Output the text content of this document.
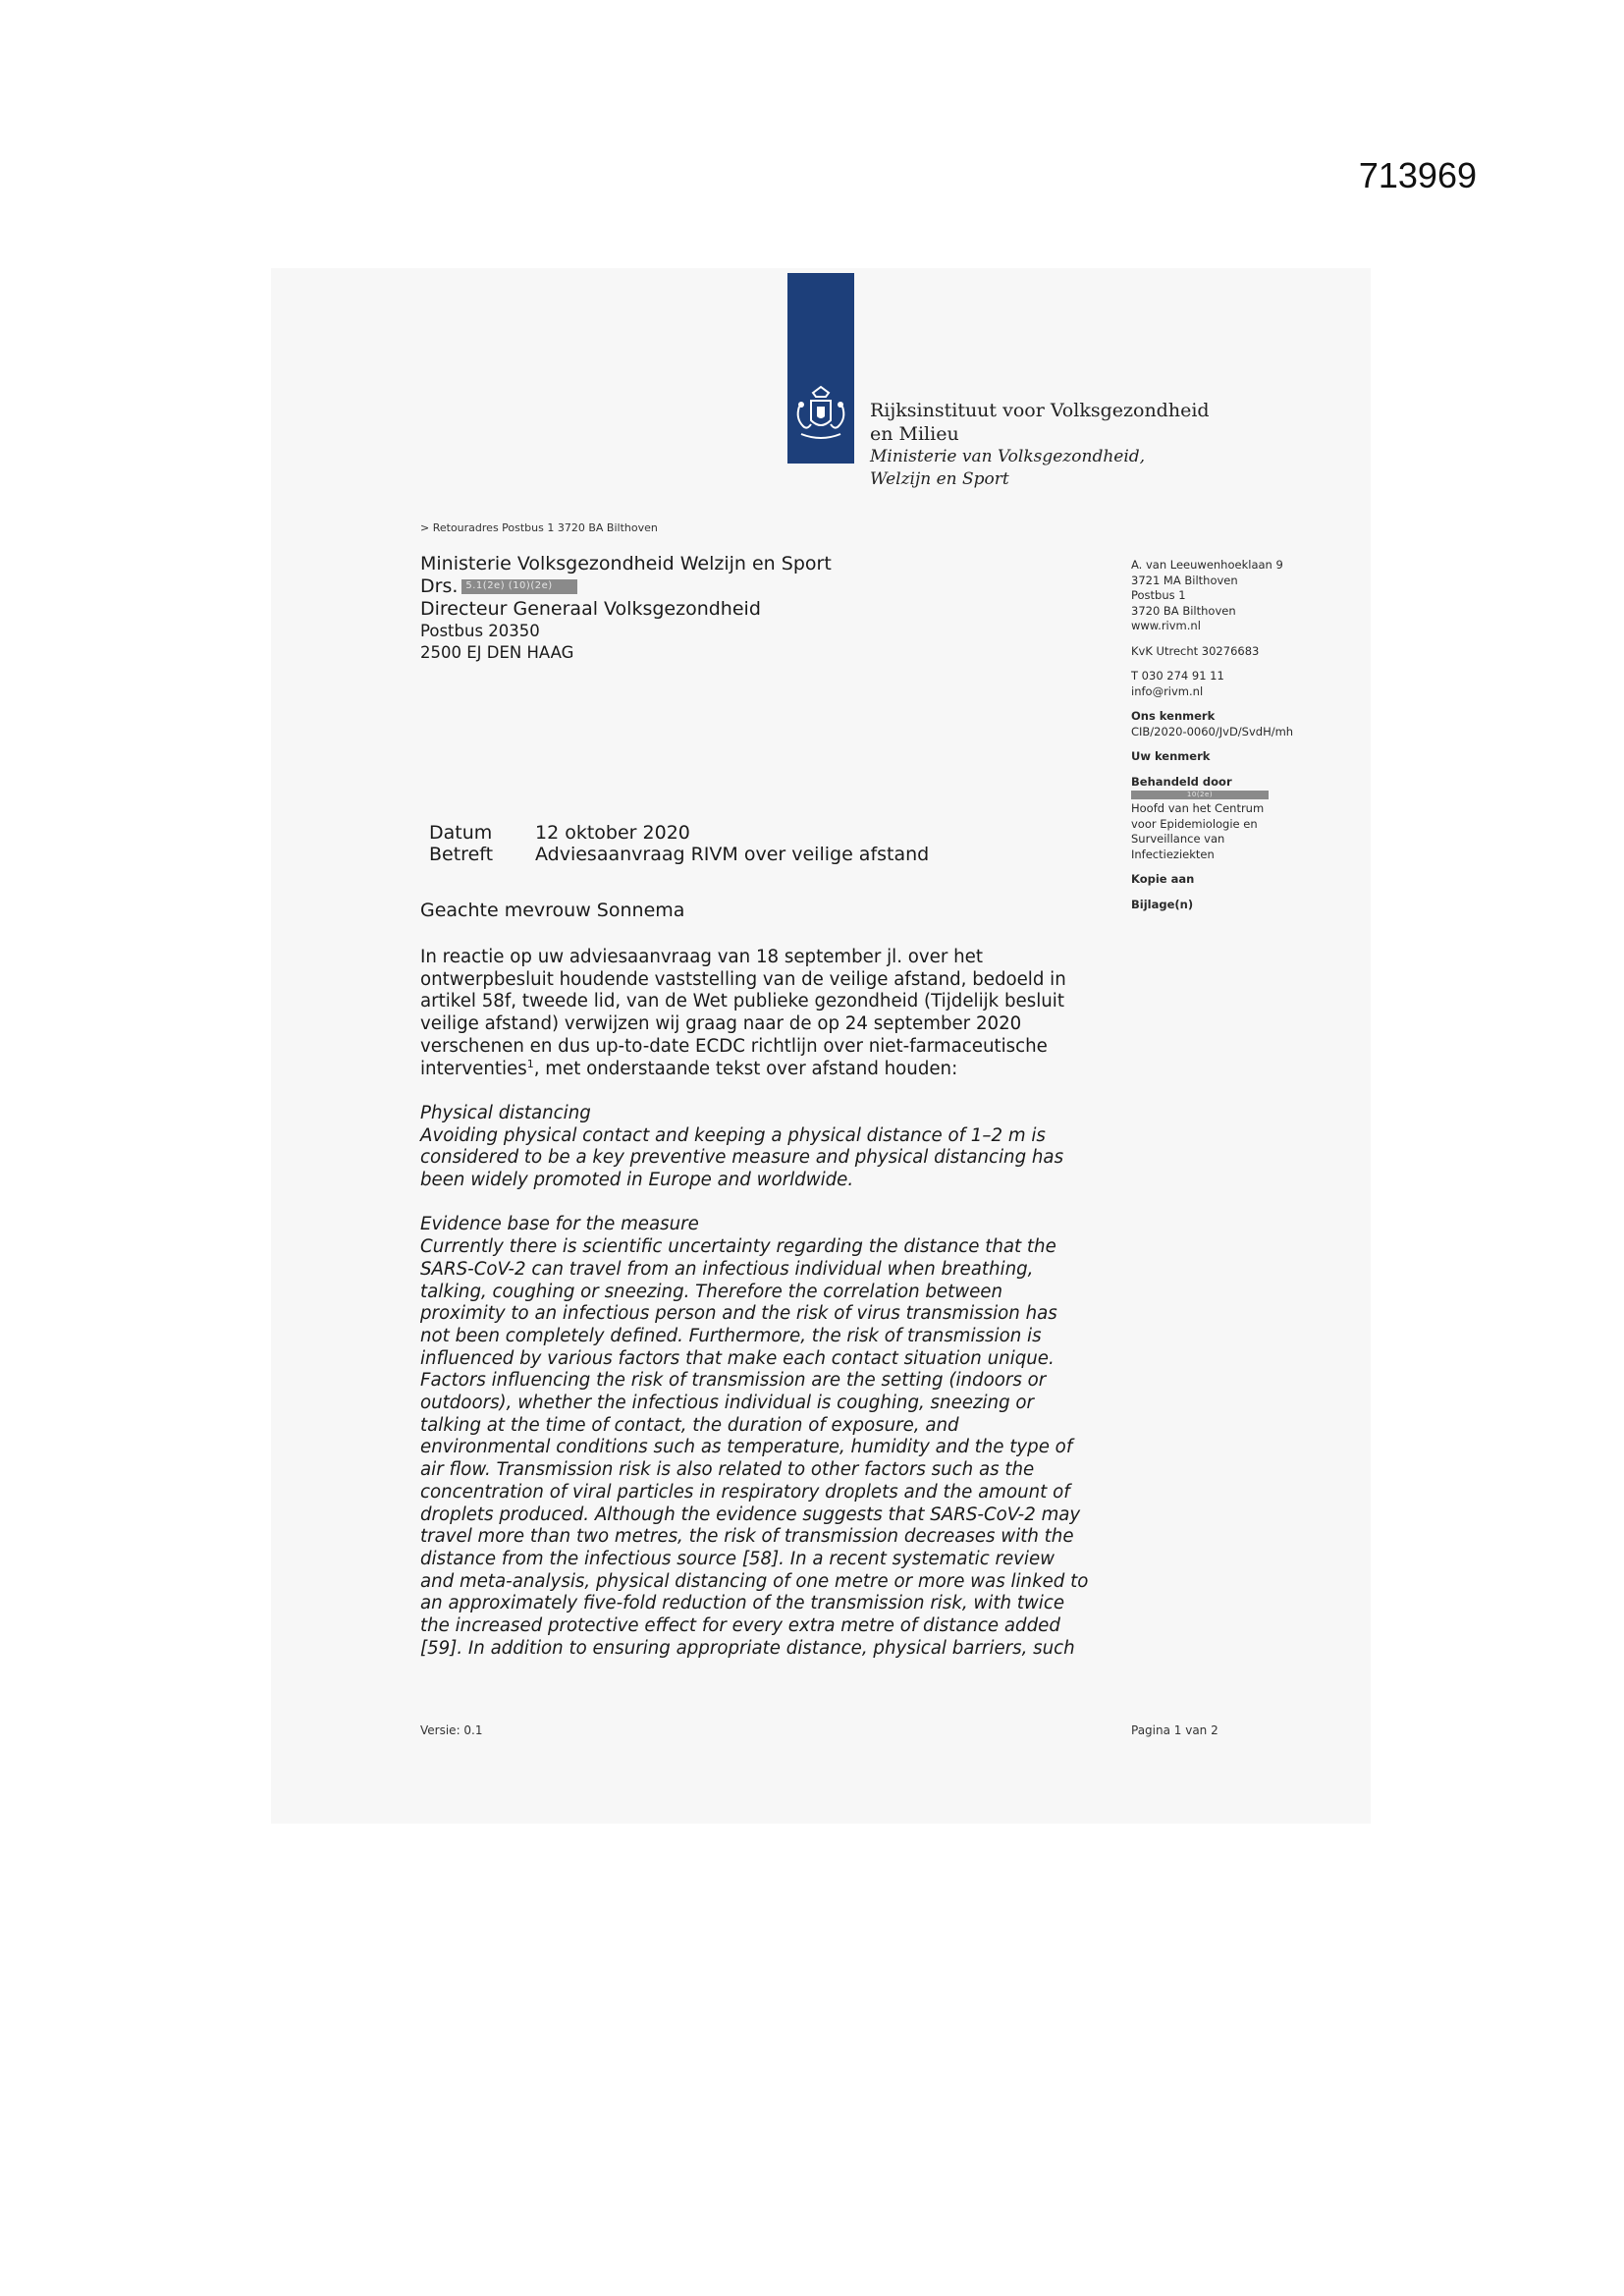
713969
Rijksinstituut voor Volksgezondheid
en Milieu
Ministerie van Volksgezondheid,
Welzijn en Sport
> Retouradres Postbus 1 3720 BA Bilthoven
Ministerie Volksgezondheid Welzijn en Sport
Drs. 5.1(2e) (10)(2e)
Directeur Generaal Volksgezondheid
Postbus 20350
2500 EJ DEN HAAG
A. van Leeuwenhoeklaan 9
3721 MA Bilthoven
Postbus 1
3720 BA Bilthoven
www.rivm.nl
KvK Utrecht 30276683
T 030 274 91 11
info@rivm.nl
Ons kenmerk
CIB/2020-0060/JvD/SvdH/mh
Uw kenmerk
Behandeld door
10(2e)
Hoofd van het Centrum
voor Epidemiologie en
Surveillance van
Infectieziekten
Kopie aan
Bijlage(n)
Datum	12 oktober 2020
Betreft	Adviesaanvraag RIVM over veilige afstand
Geachte mevrouw Sonnema

In reactie op uw adviesaanvraag van 18 september jl. over het

ontwerpbesluit houdende vaststelling van de veilige afstand, bedoeld in

artikel 58f, tweede lid, van de Wet publieke gezondheid (Tijdelijk besluit

veilige afstand) verwijzen wij graag naar de op 24 september 2020

verschenen en dus up-to-date ECDC richtlijn over niet-farmaceutische

interventies$^1$, met onderstaande tekst over afstand houden:

Physical distancing

Avoiding physical contact and keeping a physical distance of 1–2 m is

considered to be a key preventive measure and physical distancing has

been widely promoted in Europe and worldwide.

Evidence base for the measure

Currently there is scientific uncertainty regarding the distance that the

SARS-CoV-2 can travel from an infectious individual when breathing,

talking, coughing or sneezing. Therefore the correlation between

proximity to an infectious person and the risk of virus transmission has

not been completely defined. Furthermore, the risk of transmission is

influenced by various factors that make each contact situation unique.

Factors influencing the risk of transmission are the setting (indoors or

outdoors), whether the infectious individual is coughing, sneezing or

talking at the time of contact, the duration of exposure, and

environmental conditions such as temperature, humidity and the type of

air flow. Transmission risk is also related to other factors such as the

concentration of viral particles in respiratory droplets and the amount of

droplets produced. Although the evidence suggests that SARS-CoV-2 may

travel more than two metres, the risk of transmission decreases with the

distance from the infectious source [58]. In a recent systematic review

and meta-analysis, physical distancing of one metre or more was linked to

an approximately five-fold reduction of the transmission risk, with twice

the increased protective effect for every extra metre of distance added

[59]. In addition to ensuring appropriate distance, physical barriers, such

Versie: 0.1	Pagina 1 van 2
